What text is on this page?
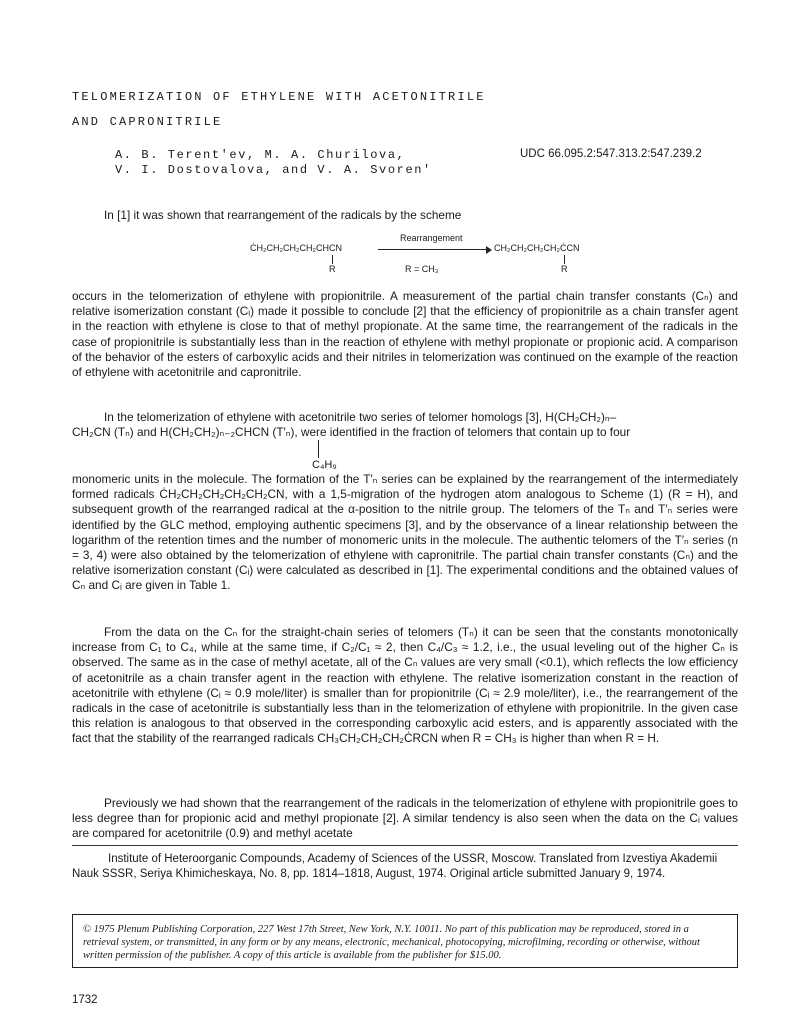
TELOMERIZATION OF ETHYLENE WITH ACETONITRILE
AND CAPRONITRILE
A. B. Terent'ev, M. A. Churilova,
V. I. Dostovalova, and V. A. Svoren'
UDC 66.095.2:547.313.2:547.239.2

In [1] it was shown that rearrangement of the radicals by the scheme

ĊH₂CH₂CH₂CH₂CHCN
Rearrangement
CH₂CH₂CH₂CH₂ĊCN
R	R = CH₃	R

occurs in the telomerization of ethylene with propionitrile. A measurement of the partial chain transfer constants (Cₙ) and relative isomerization constant (Cᵢ) made it possible to conclude [2] that the efficiency of propionitrile as a chain transfer agent in the reaction with ethylene is close to that of methyl propionate. At the same time, the rearrangement of the radicals in the case of propionitrile is substantially less than in the reaction of ethylene with methyl propionate or propionic acid. A comparison of the behavior of the esters of carboxylic acids and their nitriles in telomerization was continued on the example of the reaction of ethylene with acetonitrile and capronitrile.

In the telomerization of ethylene with acetonitrile two series of telomer homologs [3], H(CH₂CH₂)ₙ–

CH₂CN (Tₙ) and H(CH₂CH₂)ₙ₋₂CHCN (T′ₙ), were identified in the fraction of telomers that contain up to four

C₄H₉

monomeric units in the molecule. The formation of the T′ₙ series can be explained by the rearrangement of the intermediately formed radicals ĊH₂CH₂CH₂CH₂CH₂CN, with a 1,5-migration of the hydrogen atom analogous to Scheme (1) (R = H), and subsequent growth of the rearranged radical at the α-position to the nitrile group. The telomers of the Tₙ and T′ₙ series were identified by the GLC method, employing authentic specimens [3], and by the observance of a linear relationship between the logarithm of the retention times and the number of monomeric units in the molecule. The authentic telomers of the T′ₙ series (n = 3, 4) were also obtained by the telomerization of ethylene with capronitrile. The partial chain transfer constants (Cₙ) and the relative isomerization constant (Cᵢ) were calculated as described in [1]. The experimental conditions and the obtained values of Cₙ and Cᵢ are given in Table 1.

From the data on the Cₙ for the straight-chain series of telomers (Tₙ) it can be seen that the constants monotonically increase from C₁ to C₄, while at the same time, if C₂/C₁ ≈ 2, then C₄/C₃ ≈ 1.2, i.e., the usual leveling out of the higher Cₙ is observed. The same as in the case of methyl acetate, all of the Cₙ values are very small (<0.1), which reflects the low efficiency of acetonitrile as a chain transfer agent in the reaction with ethylene. The relative isomerization constant in the reaction of acetonitrile with ethylene (Cᵢ ≈ 0.9 mole/liter) is smaller than for propionitrile (Cᵢ ≈ 2.9 mole/liter), i.e., the rearrangement of the radicals in the case of acetonitrile is substantially less than in the telomerization of ethylene with propionitrile. In the given case this relation is analogous to that observed in the corresponding carboxylic acid esters, and is apparently associated with the fact that the stability of the rearranged radicals CH₃CH₂CH₂CH₂ĊRCN when R = CH₃ is higher than when R = H.

Previously we had shown that the rearrangement of the radicals in the telomerization of ethylene with propionitrile goes to less degree than for propionic acid and methyl propionate [2]. A similar tendency is also seen when the data on the Cᵢ values are compared for acetonitrile (0.9) and methyl acetate

Institute of Heteroorganic Compounds, Academy of Sciences of the USSR, Moscow. Translated from Izvestiya Akademii Nauk SSSR, Seriya Khimicheskaya, No. 8, pp. 1814–1818, August, 1974. Original article submitted January 9, 1974.

© 1975 Plenum Publishing Corporation, 227 West 17th Street, New York, N.Y. 10011. No part of this publication may be reproduced, stored in a retrieval system, or transmitted, in any form or by any means, electronic, mechanical, photocopying, microfilming, recording or otherwise, without written permission of the publisher. A copy of this article is available from the publisher for $15.00.

1732
